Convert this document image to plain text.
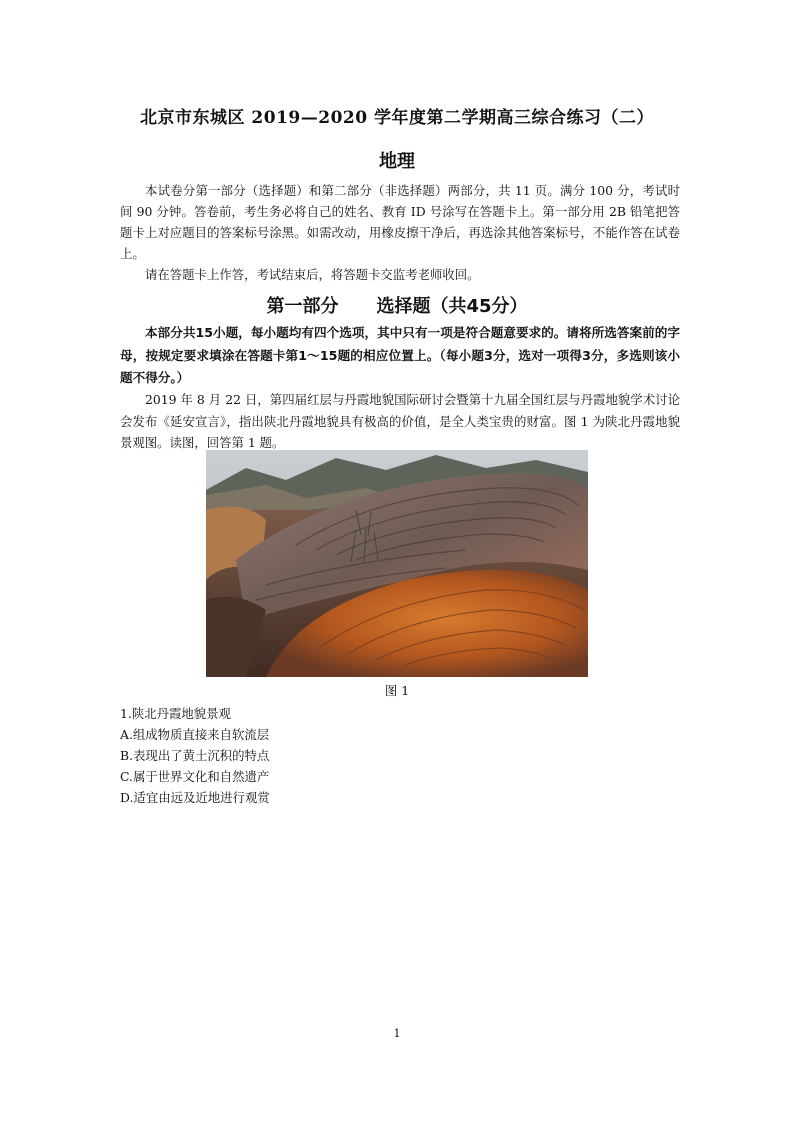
北京市东城区 2019—2020 学年度第二学期高三综合练习（二）
地理
本试卷分第一部分（选择题）和第二部分（非选择题）两部分，共 11 页。满分 100 分，考试时间 90 分钟。答卷前，考生务必将自己的姓名、教育 ID 号涂写在答题卡上。第一部分用 2B 铅笔把答题卡上对应题目的答案标号涂黑。如需改动，用橡皮擦干净后，再选涂其他答案标号，不能作答在试卷上。
请在答题卡上作答，考试结束后，将答题卡交监考老师收回。
第一部分 选择题（共45分）
本部分共15小题，每小题均有四个选项，其中只有一项是符合题意要求的。请将所选答案前的字母，按规定要求填涂在答题卡第1～15题的相应位置上。（每小题3分，选对一项得3分，多选则该小题不得分。）
2019 年 8 月 22 日，第四届红层与丹霞地貌国际研讨会暨第十九届全国红层与丹霞地貌学术讨论会发布《延安宣言》，指出陕北丹霞地貌具有极高的价值，是全人类宝贵的财富。图 1 为陕北丹霞地貌景观图。读图，回答第 1 题。
图 1
1.陕北丹霞地貌景观
A.组成物质直接来自软流层
B.表现出了黄土沉积的特点
C.属于世界文化和自然遗产
D.适宜由远及近地进行观赏
1
